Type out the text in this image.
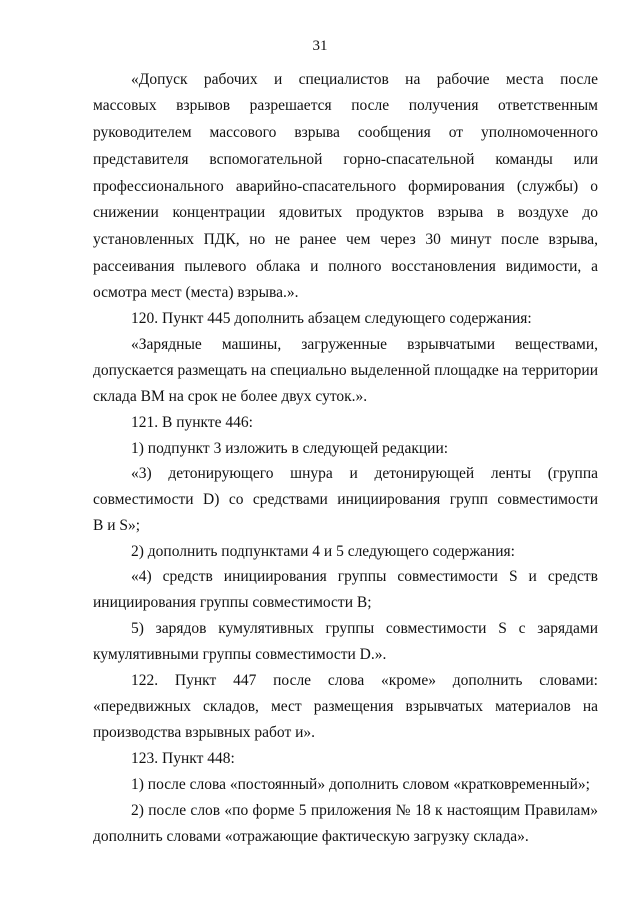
31
«Допуск рабочих и специалистов на рабочие места после
массовых взрывов разрешается после получения ответственным
руководителем массового взрыва сообщения от уполномоченного
представителя вспомогательной горно-спасательной команды или
профессионального аварийно-спасательного формирования (службы) о
снижении концентрации ядовитых продуктов взрыва в воздухе до
установленных ПДК, но не ранее чем через 30 минут после взрыва,
рассеивания пылевого облака и полного восстановления видимости, а
осмотра мест (места) взрыва.».
120. Пункт 445 дополнить абзацем следующего содержания:
«Зарядные машины, загруженные взрывчатыми веществами,
допускается размещать на специально выделенной площадке на территории
склада ВМ на срок не более двух суток.».
121. В пункте 446:
1) подпункт 3 изложить в следующей редакции:
«3) детонирующего шнура и детонирующей ленты (группа
совместимости D) со средствами инициирования групп совместимости
B и S»;
2) дополнить подпунктами 4 и 5 следующего содержания:
«4) средств инициирования группы совместимости S и средств
инициирования группы совместимости B;
5) зарядов кумулятивных группы совместимости S с зарядами
кумулятивными группы совместимости D.».
122. Пункт 447 после слова «кроме» дополнить словами:
«передвижных складов, мест размещения взрывчатых материалов на
производства взрывных работ и».
123. Пункт 448:
1) после слова «постоянный» дополнить словом «кратковременный»;
2) после слов «по форме 5 приложения № 18 к настоящим Правилам»
дополнить словами «отражающие фактическую загрузку склада».
